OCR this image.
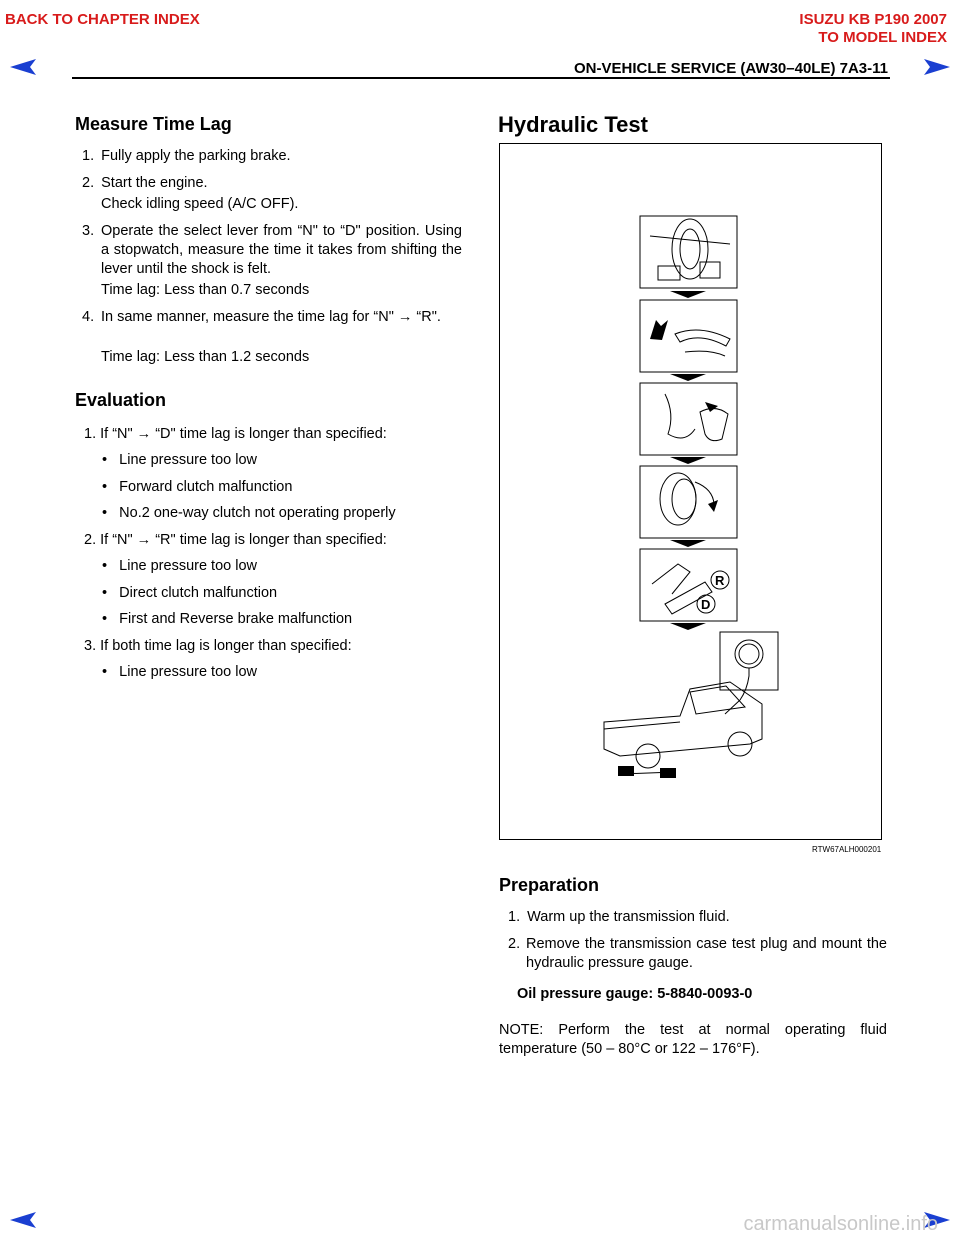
BACK TO CHAPTER INDEX	ISUZU KB P190 2007
TO MODEL INDEX
ON-VEHICLE SERVICE (AW30–40LE) 7A3-11
Measure Time Lag
1. Fully apply the parking brake.
2. Start the engine.
Check idling speed (A/C OFF).
3. Operate the select lever from “N" to “D" position. Using a stopwatch, measure the time it takes from shifting the lever until the shock is felt.
Time lag: Less than 0.7 seconds
4. In same manner, measure the time lag for “N" → “R".
Time lag: Less than 1.2 seconds
Evaluation
1. If “N" → “D" time lag is longer than specified:
•   Line pressure too low
•   Forward clutch malfunction
•   No.2 one-way clutch not operating properly
2. If “N" → “R" time lag is longer than specified:
•   Line pressure too low
•   Direct clutch malfunction
•   First and Reverse brake malfunction
3. If both time lag is longer than specified:
•   Line pressure too low
Hydraulic Test
R
D
RTW67ALH000201
Preparation
1. Warm up the transmission fluid.
2. Remove the transmission case test plug and mount the hydraulic pressure gauge.
Oil pressure gauge: 5-8840-0093-0
NOTE: Perform the test at normal operating fluid temperature (50 – 80°C or 122 – 176°F).
carmanualsonline.info
